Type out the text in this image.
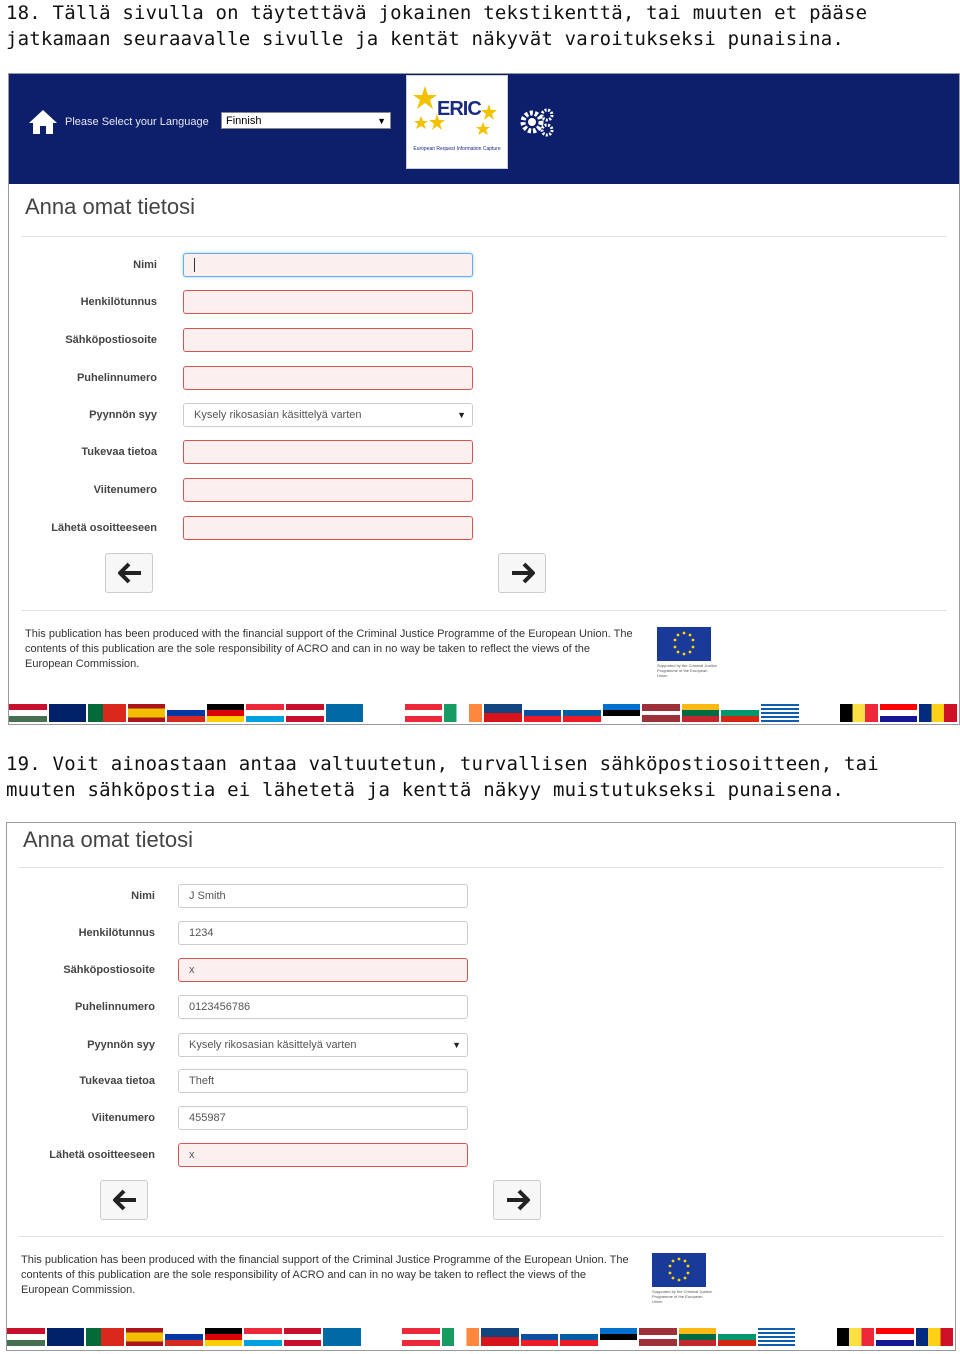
18. Tällä sivulla on täytettävä jokainen tekstikenttä, tai muuten et pääse jatkamaan seuraavalle sivulle ja kentät näkyvät varoitukseksi punaisina.
Please Select your Language	Finnish	▼
ERIC
European Request Information Capture
Anna omat tietosi
Nimi
Henkilötunnus
Sähköpostiosoite
Puhelinnumero
Pyynnön syy	Kysely rikosasian käsittelyä varten	▼
Tukevaa tietoa
Viitenumero
Lähetä osoitteeseen
This publication has been produced with the financial support of the Criminal Justice Programme of the European Union. The contents of this publication are the sole responsibility of ACRO and can in no way be taken to reflect the views of the European Commission.	Supported by the Criminal Justice Programme of the European Union
19. Voit ainoastaan antaa valtuutetun, turvallisen sähköpostiosoitteen, tai muuten sähköpostia ei lähetetä ja kenttä näkyy muistutukseksi punaisena.
Anna omat tietosi
Nimi	J Smith
Henkilötunnus	1234
Sähköpostiosoite	x
Puhelinnumero	0123456786
Pyynnön syy	Kysely rikosasian käsittelyä varten	▼
Tukevaa tietoa	Theft
Viitenumero	455987
Lähetä osoitteeseen	x
This publication has been produced with the financial support of the Criminal Justice Programme of the European Union. The contents of this publication are the sole responsibility of ACRO and can in no way be taken to reflect the views of the European Commission.	Supported by the Criminal Justice Programme of the European Union
